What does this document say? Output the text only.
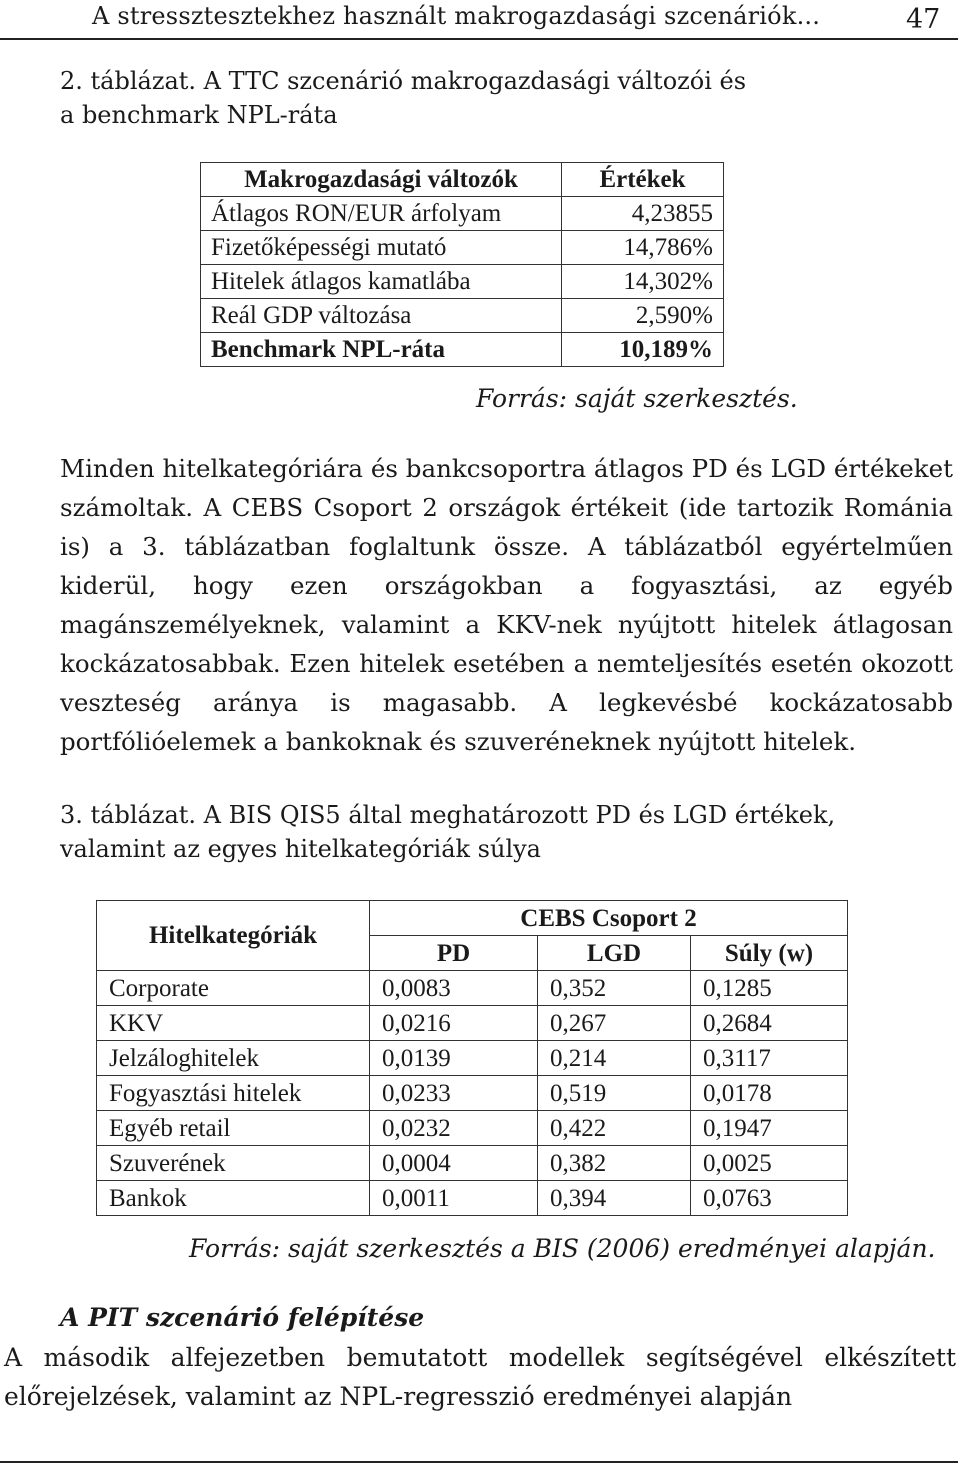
A stressztesztekhez használt makrogazdasági szcenáriók...	47
2. táblázat. A TTC szcenárió makrogazdasági változói és
a benchmark NPL-ráta
Makrogazdasági változók	Értékek
Átlagos RON/EUR árfolyam	4,23855
Fizetőképességi mutató	14,786%
Hitelek átlagos kamatlába	14,302%
Reál GDP változása	2,590%
Benchmark NPL-ráta	10,189%
Forrás: saját szerkesztés.
Minden hitelkategóriára és bankcsoportra átlagos PD és LGD értékeket számoltak. A CEBS Csoport 2 országok értékeit (ide tartozik Románia is) a 3. táblázatban foglaltunk össze. A táblázatból egyértelműen kiderül, hogy ezen országokban a fogyasztási, az egyéb magánszemélyeknek, valamint a KKV-nek nyújtott hitelek átlagosan kockázatosabbak. Ezen hitelek esetében a nemteljesítés esetén okozott veszteség aránya is magasabb. A legkevésbé kockázatosabb portfólióelemek a bankoknak és szuveréneknek nyújtott hitelek.
3. táblázat. A BIS QIS5 által meghatározott PD és LGD értékek,
valamint az egyes hitelkategóriák súlya
Hitelkategóriák	CEBS Csoport 2		
	PD	LGD	Súly (w)
Corporate	0,0083	0,352	0,1285
KKV	0,0216	0,267	0,2684
Jelzáloghitelek	0,0139	0,214	0,3117
Fogyasztási hitelek	0,0233	0,519	0,0178
Egyéb retail	0,0232	0,422	0,1947
Szuverének	0,0004	0,382	0,0025
Bankok	0,0011	0,394	0,0763
Forrás: saját szerkesztés a BIS (2006) eredményei alapján.
A PIT szcenárió felépítése
A második alfejezetben bemutatott modellek segítségével elkészített előrejelzések, valamint az NPL-regresszió eredményei alapján
